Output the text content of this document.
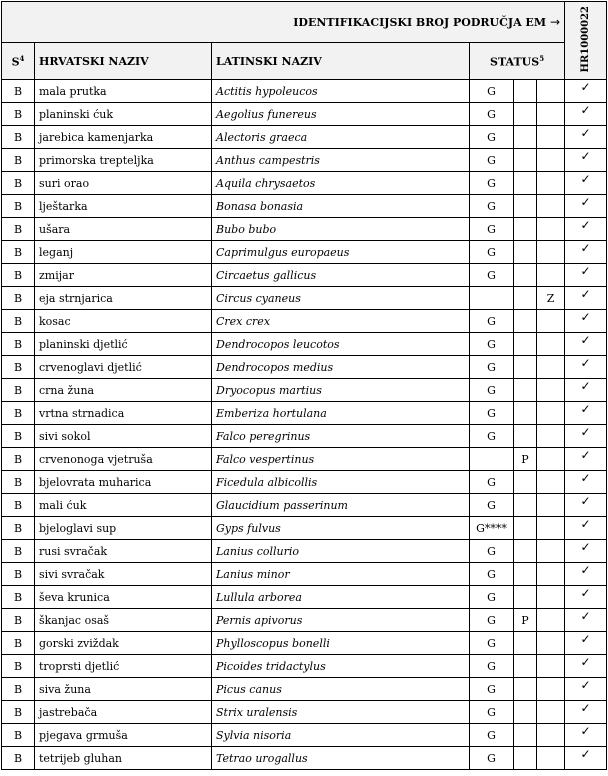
IDENTIFIKACIJSKI BROJ PODRUČJA EM →						HR1000022
$S^4$	HRVATSKI NAZIV	LATINSKI NAZIV	STATUS$^5$
B	mala prutka	Actitis hypoleucos	G			✓
B	planinski ćuk	Aegolius funereus	G			✓
B	jarebica kamenjarka	Alectoris graeca	G			✓
B	primorska trepteljka	Anthus campestris	G			✓
B	suri orao	Aquila chrysaetos	G			✓
B	lještarka	Bonasa bonasia	G			✓
B	ušara	Bubo bubo	G			✓
B	leganj	Caprimulgus europaeus	G			✓
B	zmijar	Circaetus gallicus	G			✓
B	eja strnjarica	Circus cyaneus			Z	✓
B	kosac	Crex crex	G			✓
B	planinski djetlić	Dendrocopos leucotos	G			✓
B	crvenoglavi djetlić	Dendrocopos medius	G			✓
B	crna žuna	Dryocopus martius	G			✓
B	vrtna strnadica	Emberiza hortulana	G			✓
B	sivi sokol	Falco peregrinus	G			✓
B	crvenonoga vjetruša	Falco vespertinus		P		✓
B	bjelovrata muharica	Ficedula albicollis	G			✓
B	mali ćuk	Glaucidium passerinum	G			✓
B	bjeloglavi sup	Gyps fulvus	G****			✓
B	rusi svračak	Lanius collurio	G			✓
B	sivi svračak	Lanius minor	G			✓
B	ševa krunica	Lullula arborea	G			✓
B	škanjac osaš	Pernis apivorus	G	P		✓
B	gorski zviždak	Phylloscopus bonelli	G			✓
B	troprsti djetlić	Picoides tridactylus	G			✓
B	siva žuna	Picus canus	G			✓
B	jastrebača	Strix uralensis	G			✓
B	pjegava grmuša	Sylvia nisoria	G			✓
B	tetrijeb gluhan	Tetrao urogallus	G			✓
